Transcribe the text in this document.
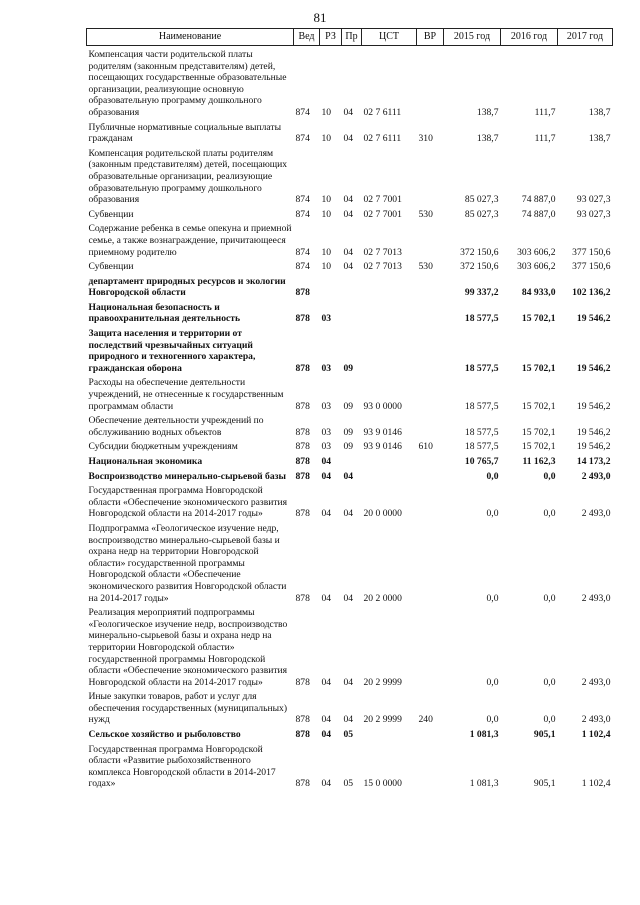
81
Наименование	Вед	РЗ	Пр	ЦСТ	ВР	2015 год	2016 год	2017 год
Компенсация части родительской платы родителям (законным представителям) детей, посещающих государственные образовательные организации, реализующие основную образовательную программу дошкольного образования	874	10	04	02 7 6111		138,7	111,7	138,7
Публичные нормативные социальные выплаты гражданам	874	10	04	02 7 6111	310	138,7	111,7	138,7
Компенсация родительской платы родителям (законным представителям) детей, посещающих образовательные организации, реализующие образовательную программу дошкольного образования	874	10	04	02 7 7001		85 027,3	74 887,0	93 027,3
Субвенции	874	10	04	02 7 7001	530	85 027,3	74 887,0	93 027,3
Содержание ребенка в семье опекуна и приемной семье, а также вознаграждение, причитающееся приемному родителю	874	10	04	02 7 7013		372 150,6	303 606,2	377 150,6
Субвенции	874	10	04	02 7 7013	530	372 150,6	303 606,2	377 150,6
департамент природных ресурсов и экологии Новгородской области	878					99 337,2	84 933,0	102 136,2
Национальная безопасность и правоохранительная деятельность	878	03				18 577,5	15 702,1	19 546,2
Защита населения и территории от последствий чрезвычайных ситуаций природного и техногенного характера, гражданская оборона	878	03	09			18 577,5	15 702,1	19 546,2
Расходы на обеспечение деятельности учреждений, не отнесенные к государственным программам области	878	03	09	93 0 0000		18 577,5	15 702,1	19 546,2
Обеспечение деятельности учреждений по обслуживанию водных объектов	878	03	09	93 9 0146		18 577,5	15 702,1	19 546,2
Субсидии бюджетным учреждениям	878	03	09	93 9 0146	610	18 577,5	15 702,1	19 546,2
Национальная экономика	878	04				10 765,7	11 162,3	14 173,2
Воспроизводство минерально-сырьевой базы	878	04	04			0,0	0,0	2 493,0
Государственная программа Новгородской области «Обеспечение экономического развития Новгородской области на 2014-2017 годы»	878	04	04	20 0 0000		0,0	0,0	2 493,0
Подпрограмма «Геологическое изучение недр, воспроизводство минерально-сырьевой базы и охрана недр на территории Новгородской области» государственной программы Новгородской области «Обеспечение экономического развития Новгородской области на 2014-2017 годы»	878	04	04	20 2 0000		0,0	0,0	2 493,0
Реализация мероприятий подпрограммы «Геологическое изучение недр, воспроизводство минерально-сырьевой базы и охрана недр на территории Новгородской области» государственной программы Новгородской области «Обеспечение экономического развития Новгородской области на 2014-2017 годы»	878	04	04	20 2 9999		0,0	0,0	2 493,0
Иные закупки товаров, работ и услуг для обеспечения государственных (муниципальных) нужд	878	04	04	20 2 9999	240	0,0	0,0	2 493,0
Сельское хозяйство и рыболовство	878	04	05			1 081,3	905,1	1 102,4
Государственная программа Новгородской области «Развитие рыбохозяйственного комплекса Новгородской области в 2014-2017 годах»	878	04	05	15 0 0000		1 081,3	905,1	1 102,4
